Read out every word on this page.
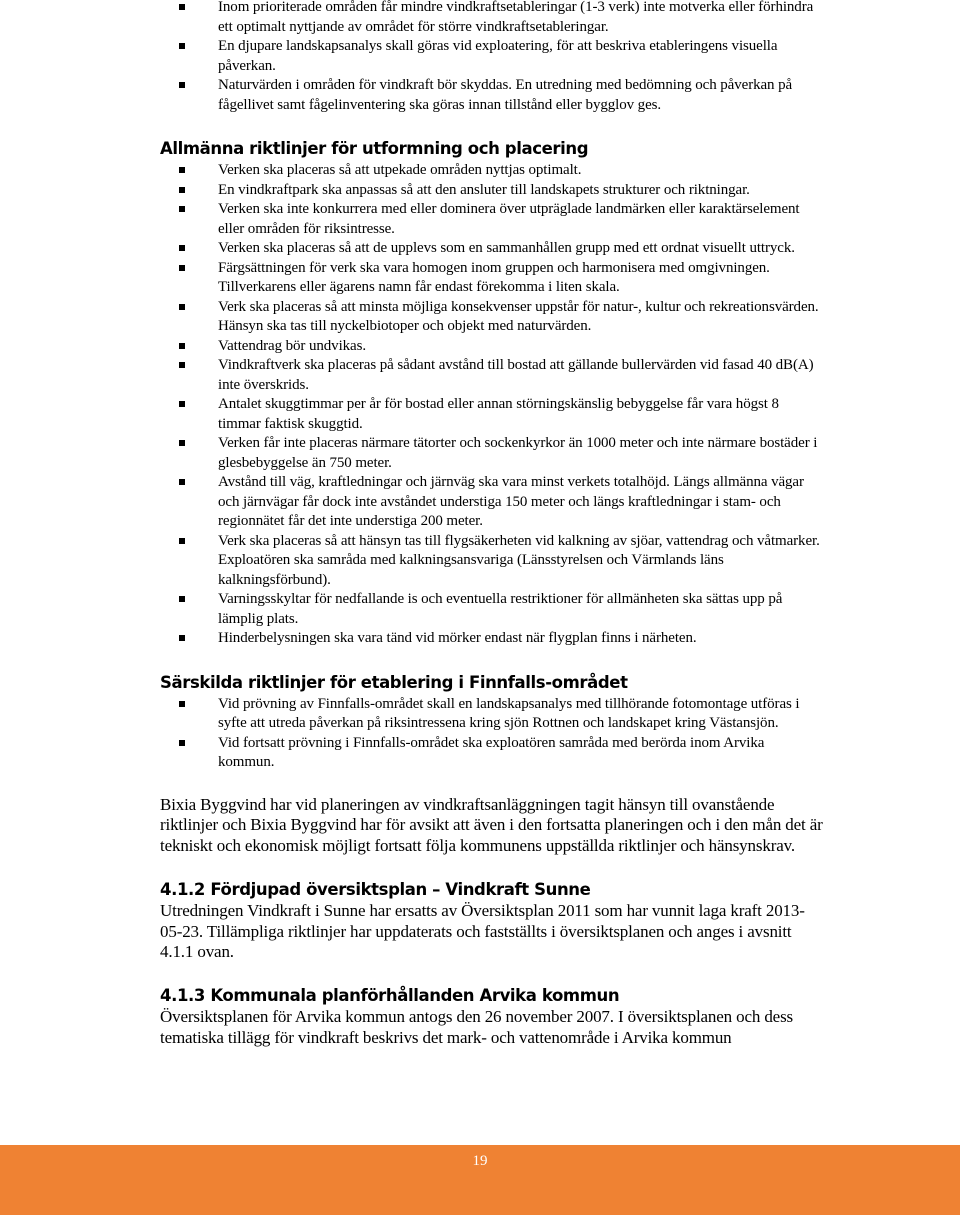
Inom prioriterade områden får mindre vindkraftsetableringar (1-3 verk) inte motverka eller förhindra ett optimalt nyttjande av området för större vindkraftsetableringar.
En djupare landskapsanalys skall göras vid exploatering, för att beskriva etableringens visuella påverkan.
Naturvärden i områden för vindkraft bör skyddas. En utredning med bedömning och påverkan på fågellivet samt fågelinventering ska göras innan tillstånd eller bygglov ges.
Allmänna riktlinjer för utformning och placering
Verken ska placeras så att utpekade områden nyttjas optimalt.
En vindkraftpark ska anpassas så att den ansluter till landskapets strukturer och riktningar.
Verken ska inte konkurrera med eller dominera över utpräglade landmärken eller karaktärselement eller områden för riksintresse.
Verken ska placeras så att de upplevs som en sammanhållen grupp med ett ordnat visuellt uttryck.
Färgsättningen för verk ska vara homogen inom gruppen och harmonisera med omgivningen. Tillverkarens eller ägarens namn får endast förekomma i liten skala.
Verk ska placeras så att minsta möjliga konsekvenser uppstår för natur-, kultur och rekreationsvärden. Hänsyn ska tas till nyckelbiotoper och objekt med naturvärden.
Vattendrag bör undvikas.
Vindkraftverk ska placeras på sådant avstånd till bostad att gällande bullervärden vid fasad 40 dB(A) inte överskrids.
Antalet skuggtimmar per år för bostad eller annan störningskänslig bebyggelse får vara högst 8 timmar faktisk skuggtid.
Verken får inte placeras närmare tätorter och sockenkyrkor än 1000 meter och inte närmare bostäder i glesbebyggelse än 750 meter.
Avstånd till väg, kraftledningar och järnväg ska vara minst verkets totalhöjd. Längs allmänna vägar och järnvägar får dock inte avståndet understiga 150 meter och längs kraftledningar i stam- och regionnätet får det inte understiga 200 meter.
Verk ska placeras så att hänsyn tas till flygsäkerheten vid kalkning av sjöar, vattendrag och våtmarker. Exploatören ska samråda med kalkningsansvariga (Länsstyrelsen och Värmlands läns kalkningsförbund).
Varningsskyltar för nedfallande is och eventuella restriktioner för allmänheten ska sättas upp på lämplig plats.
Hinderbelysningen ska vara tänd vid mörker endast när flygplan finns i närheten.
Särskilda riktlinjer för etablering i Finnfalls-området
Vid prövning av Finnfalls-området skall en landskapsanalys med tillhörande fotomontage utföras i syfte att utreda påverkan på riksintressena kring sjön Rottnen och landskapet kring Västansjön.
Vid fortsatt prövning i Finnfalls-området ska exploatören samråda med berörda inom Arvika kommun.
Bixia Byggvind har vid planeringen av vindkraftsanläggningen tagit hänsyn till ovanstående riktlinjer och Bixia Byggvind har för avsikt att även i den fortsatta planeringen och i den mån det är tekniskt och ekonomisk möjligt fortsatt följa kommunens uppställda riktlinjer och hänsynskrav.
4.1.2 Fördjupad översiktsplan – Vindkraft Sunne
Utredningen Vindkraft i Sunne har ersatts av Översiktsplan 2011 som har vunnit laga kraft 2013-05-23. Tillämpliga riktlinjer har uppdaterats och fastställts i översiktsplanen och anges i avsnitt 4.1.1 ovan.
4.1.3 Kommunala planförhållanden Arvika kommun
Översiktsplanen för Arvika kommun antogs den 26 november 2007. I översiktsplanen och dess tematiska tillägg för vindkraft beskrivs det mark- och vattenområde i Arvika kommun
19
